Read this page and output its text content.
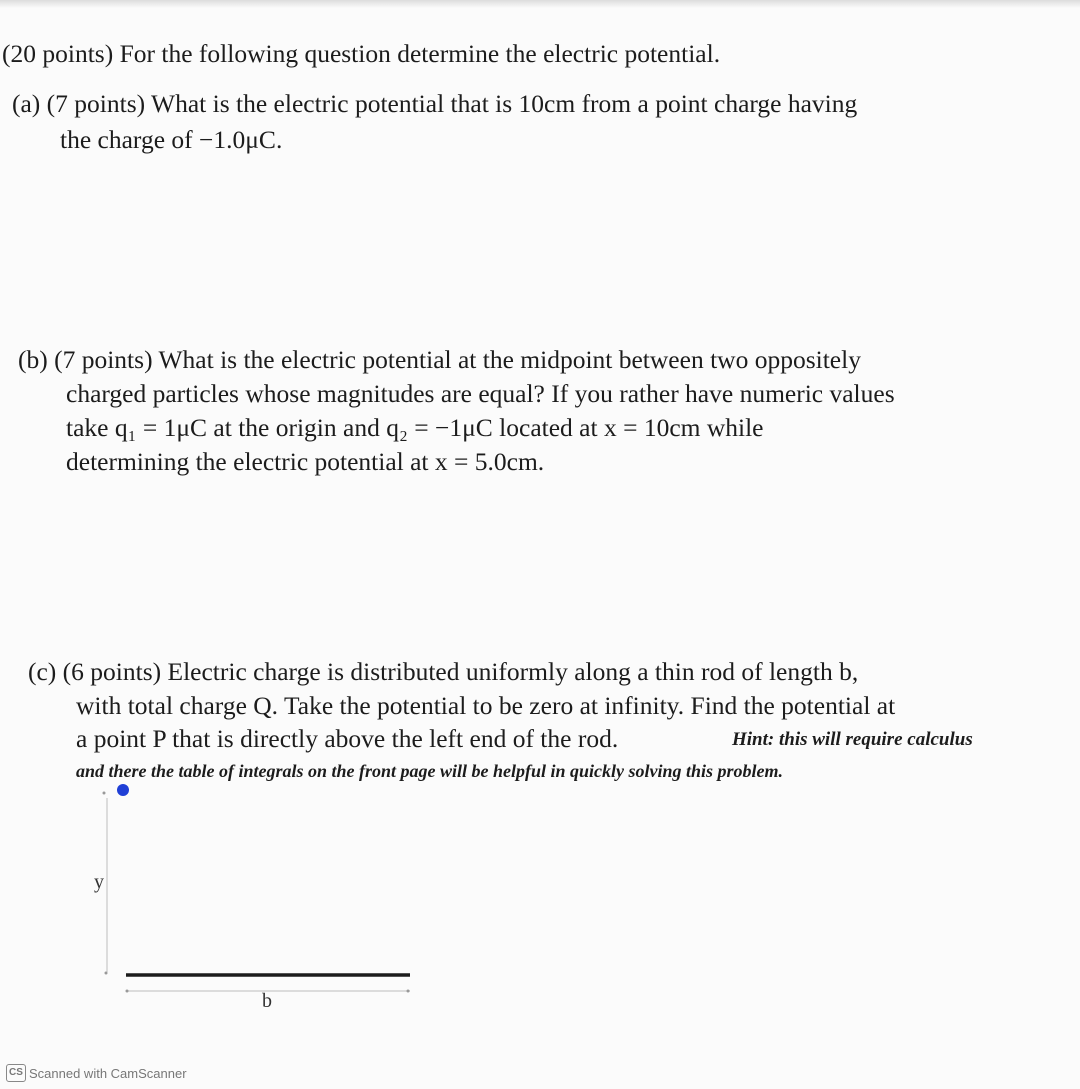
(20 points) For the following question determine the electric potential.
(a) (7 points) What is the electric potential that is 10cm from a point charge having
the charge of −1.0μC.
(b) (7 points) What is the electric potential at the midpoint between two oppositely
charged particles whose magnitudes are equal? If you rather have numeric values
take q₁ = 1μC at the origin and q₂ = −1μC located at x = 10cm while
determining the electric potential at x = 5.0cm.
(c) (6 points) Electric charge is distributed uniformly along a thin rod of length b,
with total charge Q. Take the potential to be zero at infinity. Find the potential at
a point P that is directly above the left end of the rod.	Hint: this will require calculus
and there the table of integrals on the front page will be helpful in quickly solving this problem.
y
b
CS Scanned with CamScanner
